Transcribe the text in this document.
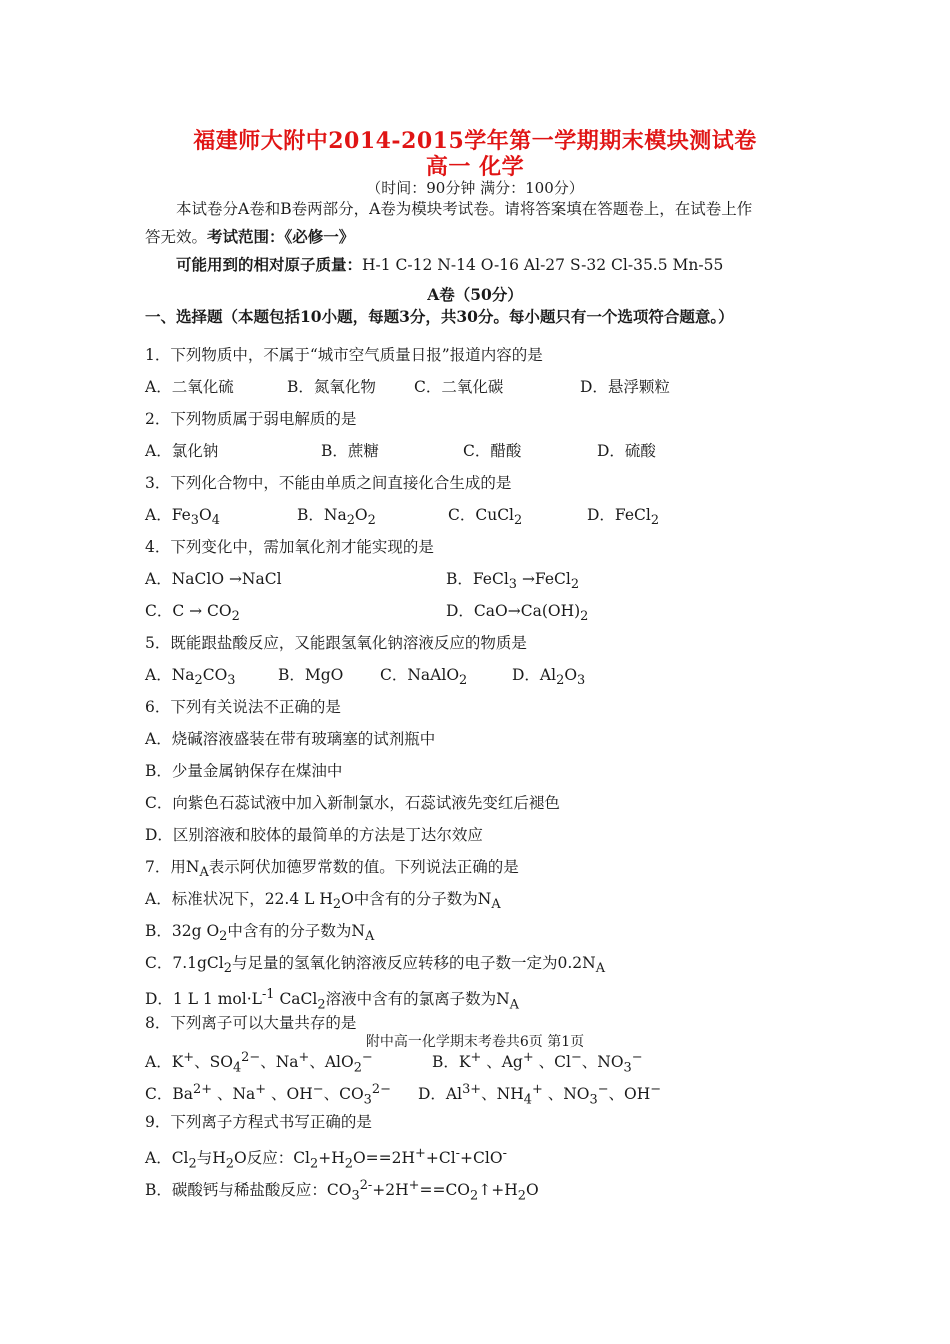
福建师大附中2014-2015学年第一学期期末模块测试卷
高一 化学
（时间：90分钟 满分：100分）
本试卷分A卷和B卷两部分，A卷为模块考试卷。请将答案填在答题卷上，在试卷上作
答无效。考试范围：《必修一》
可能用到的相对原子质量：H-1 C-12 N-14 O-16 Al-27 S-32 Cl-35.5 Mn-55
A卷（50分）
一、选择题（本题包括10小题，每题3分，共30分。每小题只有一个选项符合题意。）
1．下列物质中，不属于“城市空气质量日报”报道内容的是
A．二氧化硫	B．氮氧化物 C．二氧化碳	D．悬浮颗粒
2．下列物质属于弱电解质的是
A．氯化钠	B．蔗糖	C．醋酸	D．硫酸
3．下列化合物中，不能由单质之间直接化合生成的是
A．$Fe_3O_4$	B．$Na_2O_2$	C．CuCl$_2$	D．FeCl$_2$
4．下列变化中，需加氧化剂才能实现的是
A．NaClO →NaCl	B．FeCl$_3$ →FeCl$_2$
C．$C \to CO_2$	D．$CaO\to Ca(OH)_2$
5．既能跟盐酸反应，又能跟氢氧化钠溶液反应的物质是
A．$Na_2CO_3$	B．MgO C．NaAlO$_2$	D．$Al_2O_3$
6．下列有关说法不正确的是
A．烧碱溶液盛装在带有玻璃塞的试剂瓶中
B．少量金属钠保存在煤油中
C．向紫色石蕊试液中加入新制氯水，石蕊试液先变红后褪色
D．区别溶液和胶体的最简单的方法是丁达尔效应
7．用$N_A$表示阿伏加德罗常数的值。下列说法正确的是
A．标准状况下，22.4 L $H_2O$中含有的分子数为$N_A$
B．32g $O_2$中含有的分子数为$N_A$
C．7.1gCl$_2$与足量的氢氧化钠溶液反应转移的电子数一定为$0.2N_A$
D．1 L 1 $mol\cdot L^{-1}$ CaCl$_2$溶液中含有的氯离子数为$N_A$
8．下列离子可以大量共存的是
附中高一化学期末考卷共6页 第1页
A．K+、$SO_4^{2-}$、Na+、AlO$_2$−	B．K+ 、Ag+ 、Cl−、$NO_3^-$
C．$Ba^{2+}$ 、Na+ 、OH−、$CO_3^{2-}$ D．$Al^{3+}$、$NH_4^+$ 、$NO_3^-$、OH−
9．下列离子方程式书写正确的是
A．$Cl_2$与$H_2O$反应：$Cl_2+H_2O==2H^++Cl^-+ClO^-$
B．碳酸钙与稀盐酸反应：$CO_3^{2-}+2H^+==CO_2↑+H_2O$
